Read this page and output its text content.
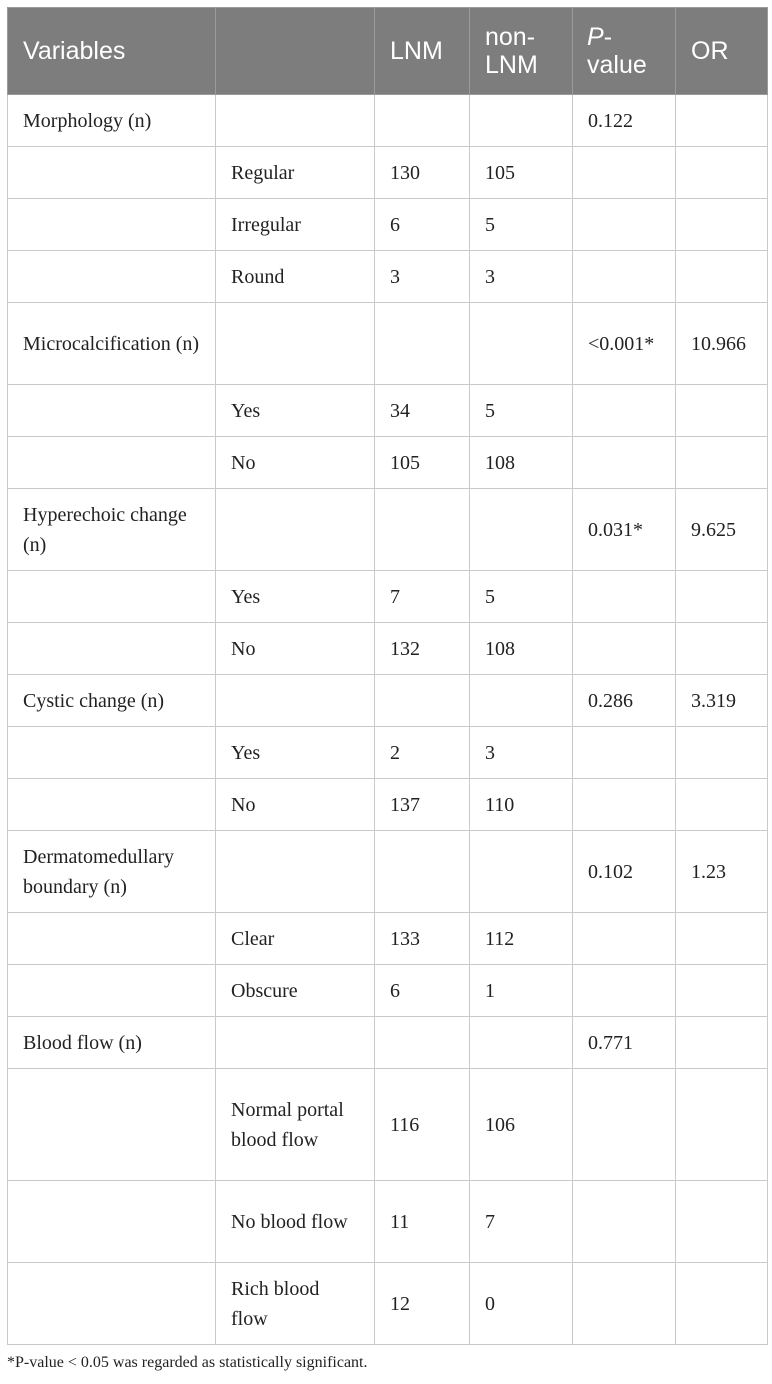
Variables		LNM	non-LNM	P-value	OR
Morphology (n)				0.122	
	Regular	130	105		
	Irregular	6	5		
	Round	3	3		
Microcalcification (n)				<0.001*	10.966
	Yes	34	5		
	No	105	108		
Hyperechoic change (n)				0.031*	9.625
	Yes	7	5		
	No	132	108		
Cystic change (n)				0.286	3.319
	Yes	2	3		
	No	137	110		
Dermatomedullary boundary (n)				0.102	1.23
	Clear	133	112		
	Obscure	6	1		
Blood flow (n)				0.771	
	Normal portal blood flow	116	106		
	No blood flow	11	7		
	Rich blood flow	12	0		
*P-value < 0.05 was regarded as statistically significant.
